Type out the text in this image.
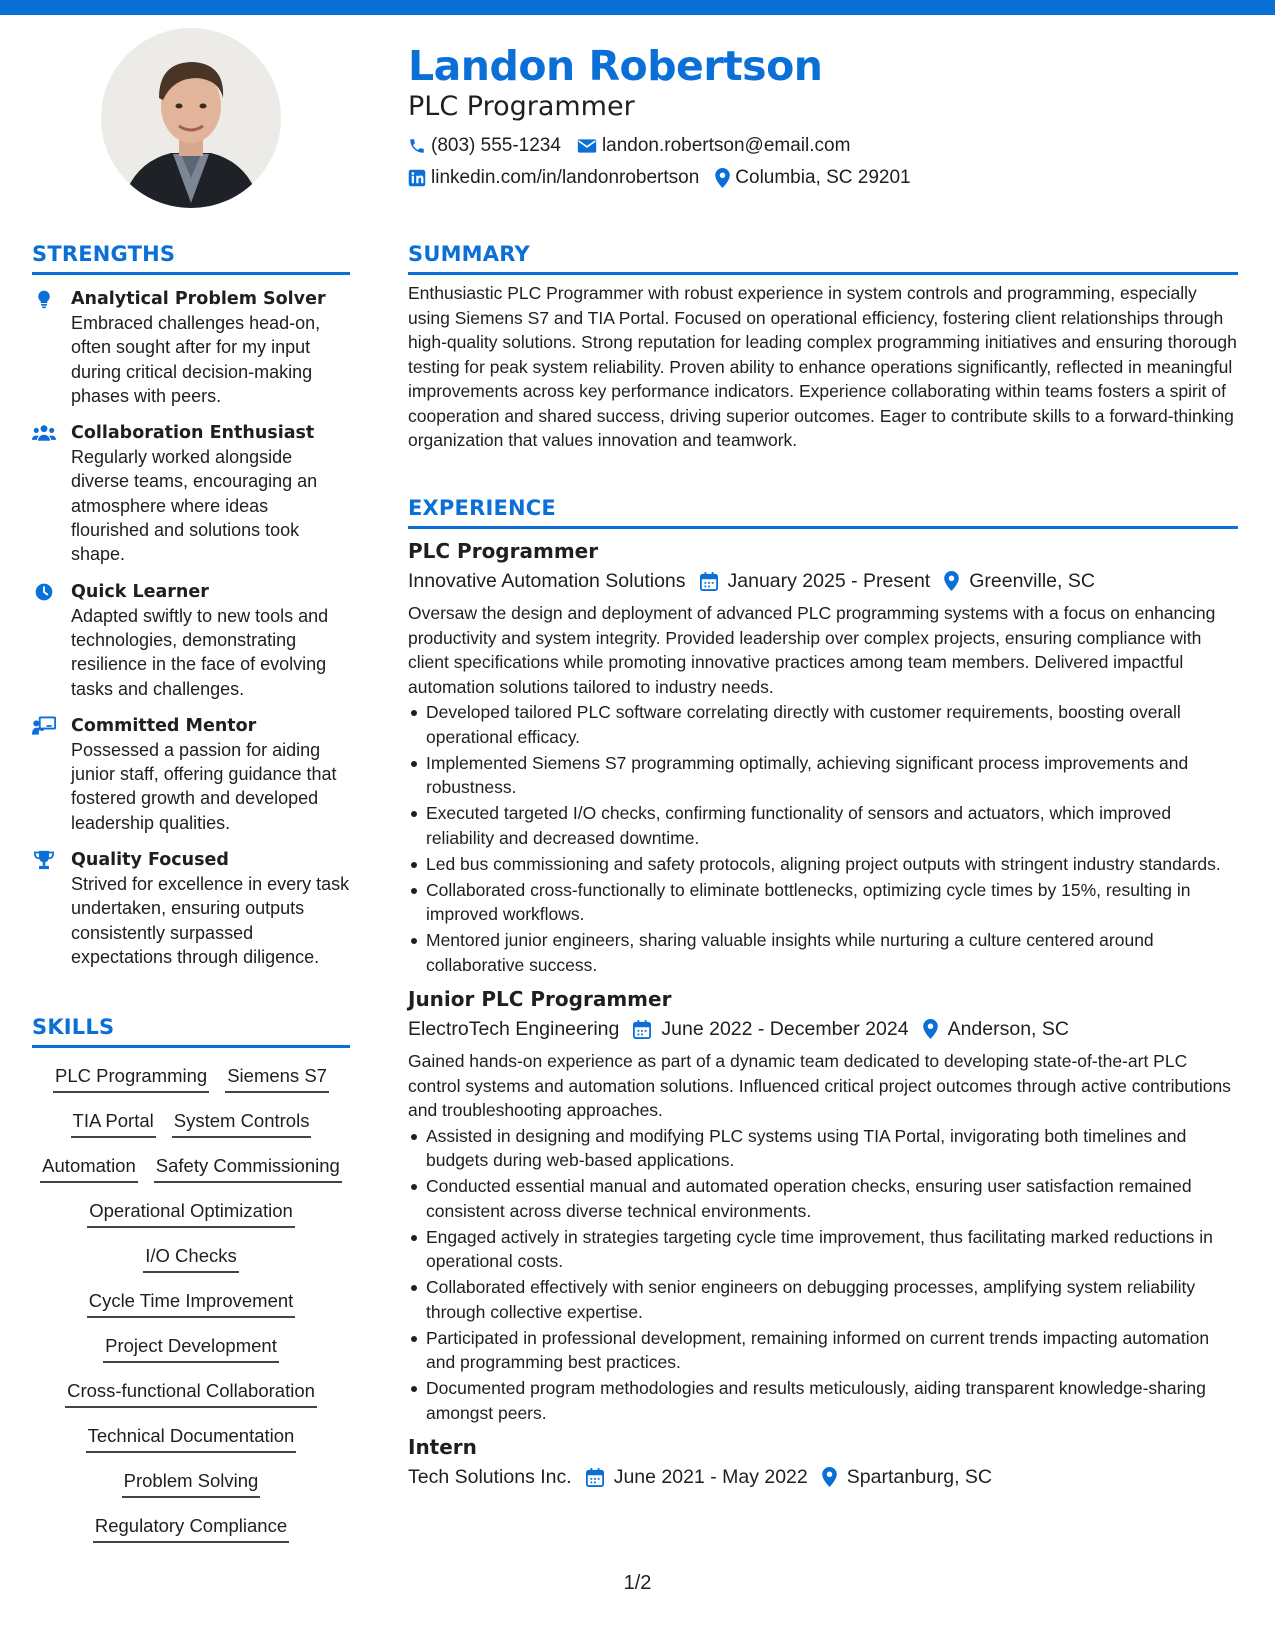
Landon Robertson
PLC Programmer
(803) 555-1234 landon.robertson@email.com
linkedin.com/in/landonrobertson Columbia, SC 29201
STRENGTHS
Analytical Problem Solver
Embraced challenges head-on, often sought after for my input during critical decision-making phases with peers.
Collaboration Enthusiast
Regularly worked alongside diverse teams, encouraging an atmosphere where ideas flourished and solutions took shape.
Quick Learner
Adapted swiftly to new tools and technologies, demonstrating resilience in the face of evolving tasks and challenges.
Committed Mentor
Possessed a passion for aiding junior staff, offering guidance that fostered growth and developed leadership qualities.
Quality Focused
Strived for excellence in every task undertaken, ensuring outputs consistently surpassed expectations through diligence.
SKILLS
PLC Programming Siemens S7
TIA Portal System Controls
Automation Safety Commissioning
Operational Optimization
I/O Checks
Cycle Time Improvement
Project Development
Cross-functional Collaboration
Technical Documentation
Problem Solving
Regulatory Compliance
SUMMARY

Enthusiastic PLC Programmer with robust experience in system controls and programming, especially using Siemens S7 and TIA Portal. Focused on operational efficiency, fostering client relationships through high-quality solutions. Strong reputation for leading complex programming initiatives and ensuring thorough testing for peak system reliability. Proven ability to enhance operations significantly, reflected in meaningful improvements across key performance indicators. Experience collaborating within teams fosters a spirit of cooperation and shared success, driving superior outcomes. Eager to contribute skills to a forward-thinking organization that values innovation and teamwork.

EXPERIENCE
PLC Programmer
Innovative Automation Solutions January 2025 - Present Greenville, SC

Oversaw the design and deployment of advanced PLC programming systems with a focus on enhancing productivity and system integrity. Provided leadership over complex projects, ensuring compliance with client specifications while promoting innovative practices among team members. Delivered impactful automation solutions tailored to industry needs.

Developed tailored PLC software correlating directly with customer requirements, boosting overall operational efficacy.
Implemented Siemens S7 programming optimally, achieving significant process improvements and robustness.
Executed targeted I/O checks, confirming functionality of sensors and actuators, which improved reliability and decreased downtime.
Led bus commissioning and safety protocols, aligning project outputs with stringent industry standards.
Collaborated cross-functionally to eliminate bottlenecks, optimizing cycle times by 15%, resulting in improved workflows.
Mentored junior engineers, sharing valuable insights while nurturing a culture centered around collaborative success.
Junior PLC Programmer
ElectroTech Engineering June 2022 - December 2024 Anderson, SC

Gained hands-on experience as part of a dynamic team dedicated to developing state-of-the-art PLC control systems and automation solutions. Influenced critical project outcomes through active contributions and troubleshooting approaches.

Assisted in designing and modifying PLC systems using TIA Portal, invigorating both timelines and budgets during web-based applications.
Conducted essential manual and automated operation checks, ensuring user satisfaction remained consistent across diverse technical environments.
Engaged actively in strategies targeting cycle time improvement, thus facilitating marked reductions in operational costs.
Collaborated effectively with senior engineers on debugging processes, amplifying system reliability through collective expertise.
Participated in professional development, remaining informed on current trends impacting automation and programming best practices.
Documented program methodologies and results meticulously, aiding transparent knowledge-sharing amongst peers.
Intern
Tech Solutions Inc. June 2021 - May 2022 Spartanburg, SC
1/2
